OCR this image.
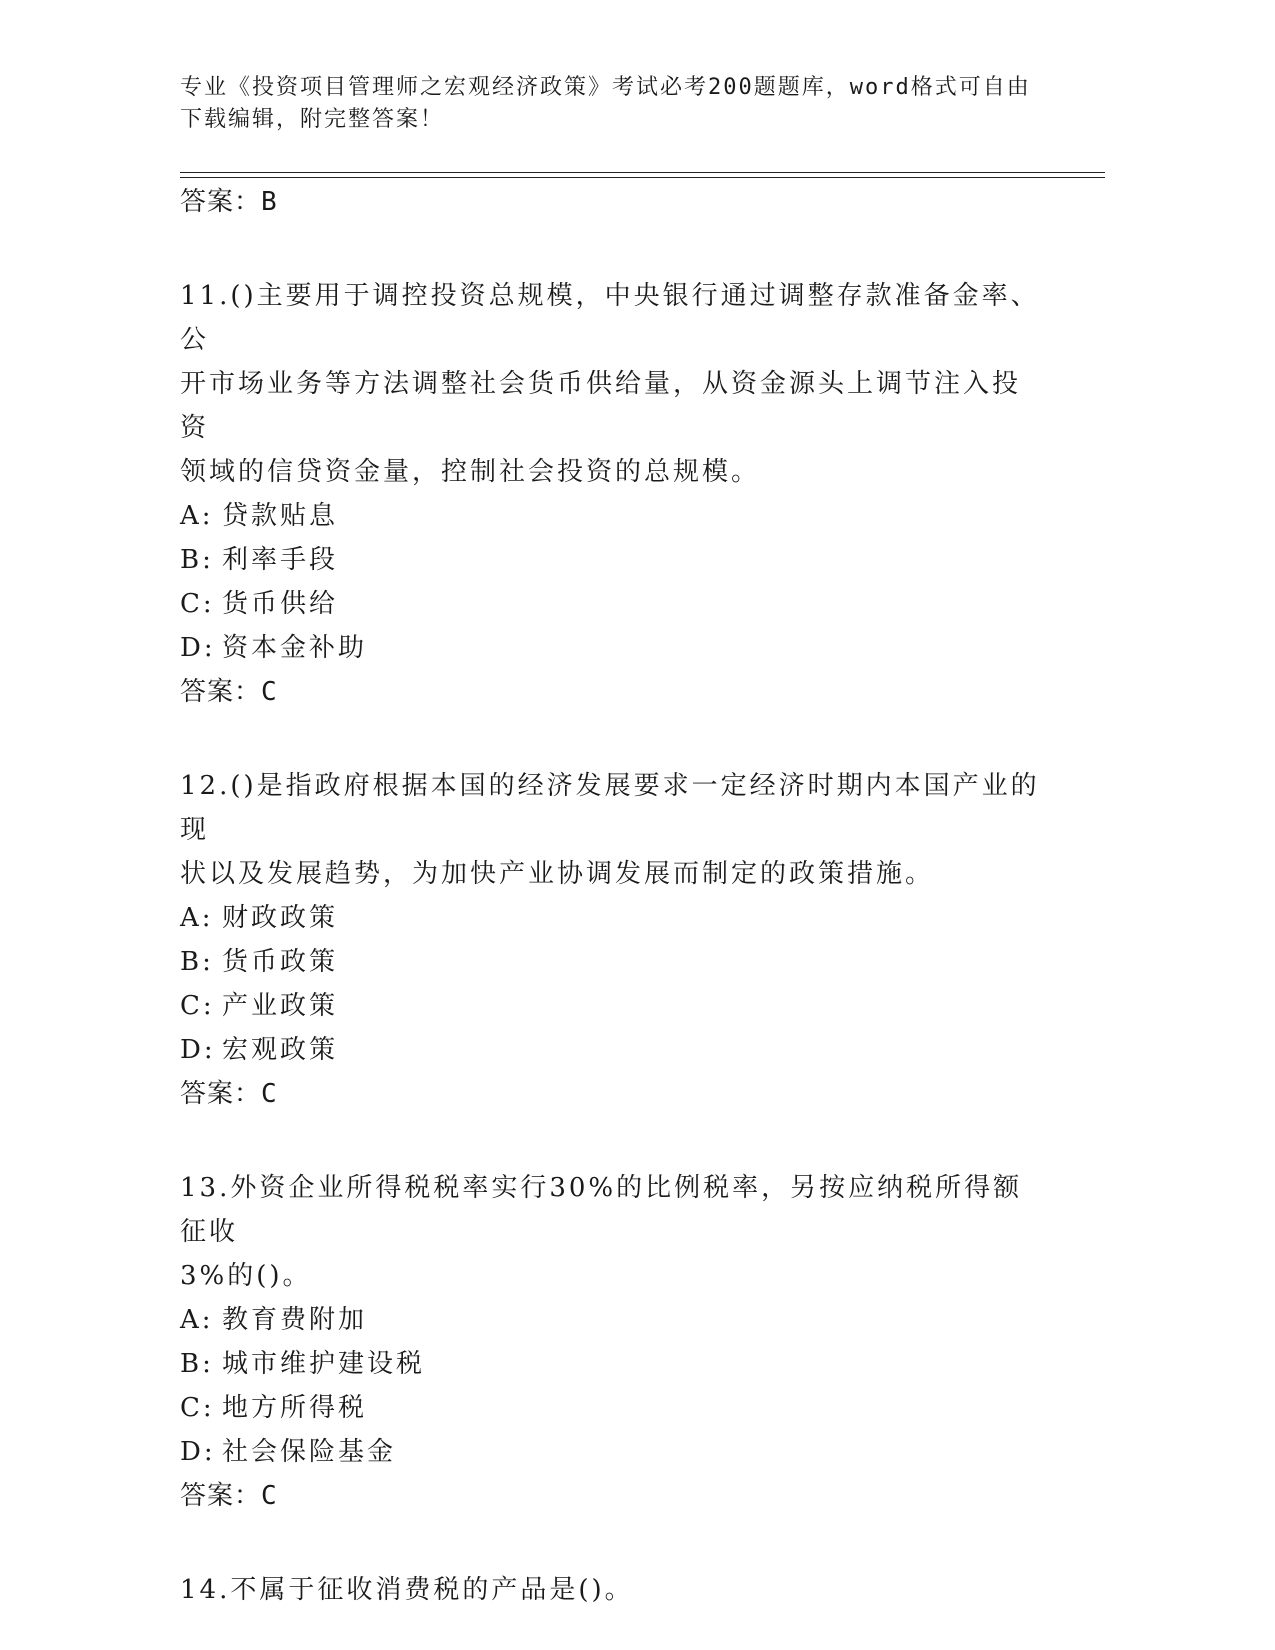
专业《投资项目管理师之宏观经济政策》考试必考200题题库，word格式可自由
下载编辑，附完整答案！
答案：B
11.()主要用于调控投资总规模，中央银行通过调整存款准备金率、公
开市场业务等方法调整社会货币供给量，从资金源头上调节注入投资
领域的信贷资金量，控制社会投资的总规模。
A: 贷款贴息
B: 利率手段
C: 货币供给
D: 资本金补助
答案：C
12.()是指政府根据本国的经济发展要求一定经济时期内本国产业的现
状以及发展趋势，为加快产业协调发展而制定的政策措施。
A: 财政政策
B: 货币政策
C: 产业政策
D: 宏观政策
答案：C
13.外资企业所得税税率实行30%的比例税率，另按应纳税所得额征收
3%的()。
A: 教育费附加
B: 城市维护建设税
C: 地方所得税
D: 社会保险基金
答案：C
14.不属于征收消费税的产品是()。
